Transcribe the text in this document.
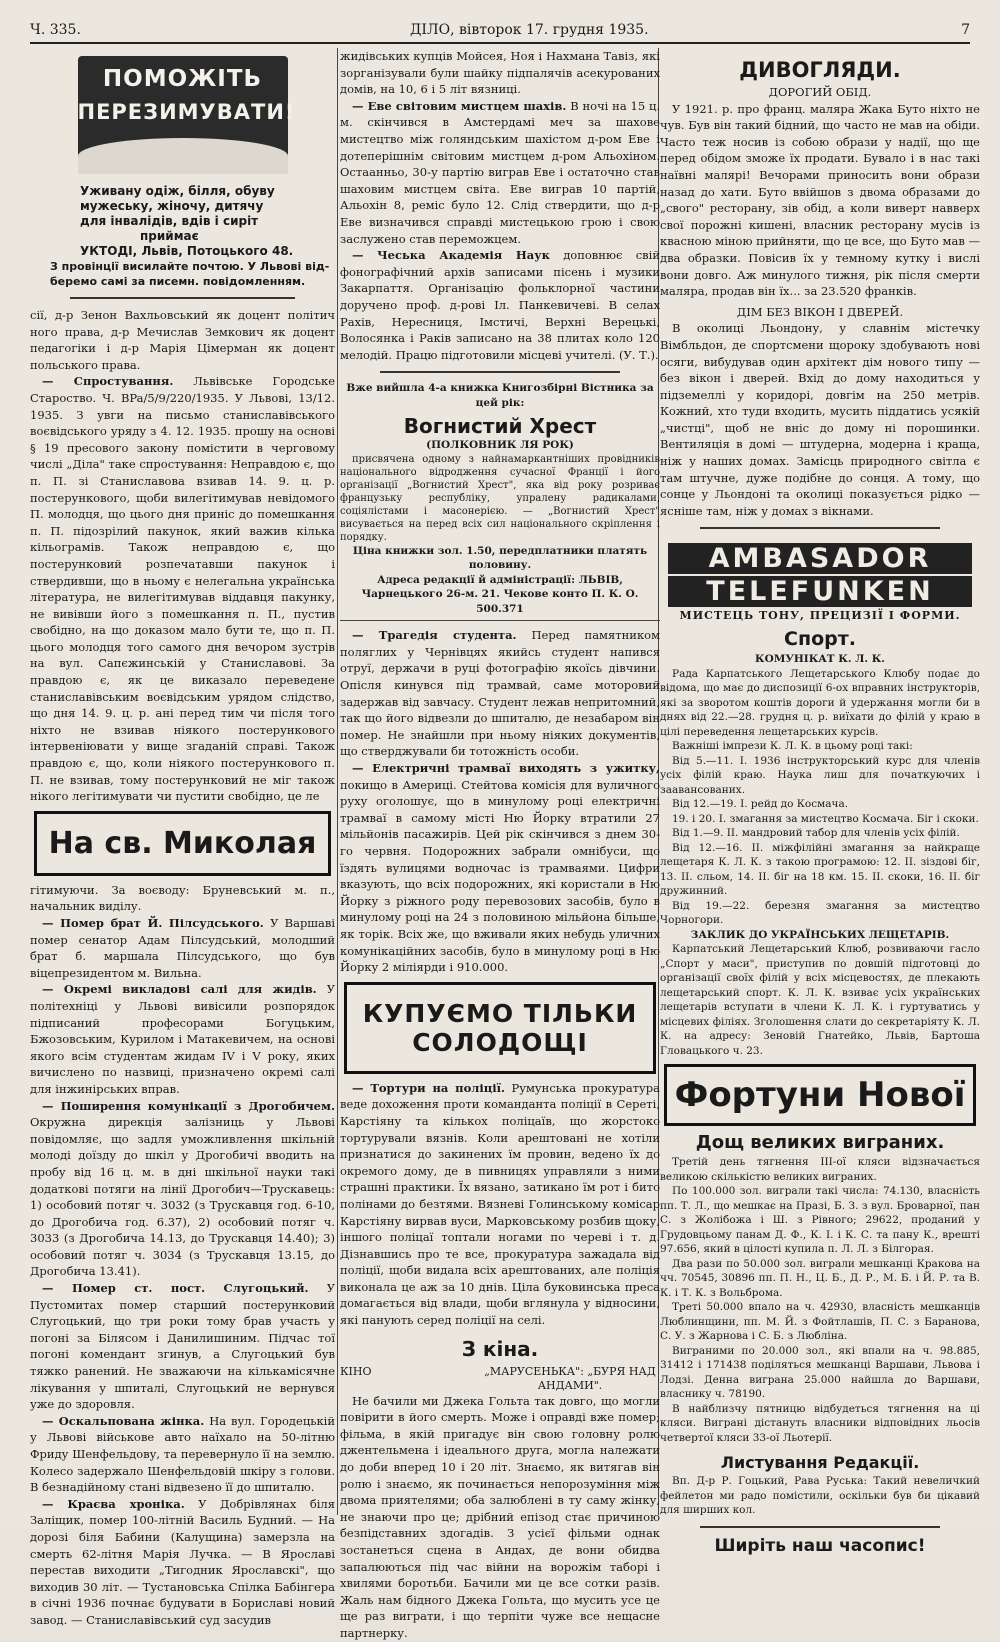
Ч. 335.	ДІЛО, вівторок 17. грудня 1935.	7
ПОМОЖІТЬ
ПЕРЕЗИМУВАТИ!
Уживану одіж, білля, обуву
мужеську, жіночу, дитячу
для інвалідів, вдів і сиріт
приймає
УКТОДІ, Львів, Потоцького 48.
З провінції висилайте почтою. У Львові від-
беремо самі за писемн. повідомленням.

сії, д-р Зенон Вахльовський як доцент політич ного права, д-р Мечислав Земкович як доцент педагогіки і д-р Марія Цімерман як доцент польського права.

— Спростування. Львівське Городське Староство. Ч. BPa/5/9/220/1935. У Львові, 13/12. 1935. З увги на письмо станиславівського воєвідського уряду з 4. 12. 1935. прошу на основі § 19 пресового закону помістити в черговому числі „Діла" таке спростування: Неправдою є, що п. П. зі Станиславова взивав 14. 9. ц. р. постерункового, щоби вилегітимував невідомого П. молодця, що цього дня приніс до помешкання п. П. підозрілий пакунок, який важив кілька кільограмів. Також неправдою є, що постерунковий розпечатавши пакунок і ствердивши, що в ньому є нелегальна українська література, не вилегітимував віддавця пакунку, не вивівши його з помешкання п. П., пустив свобідно, на що доказом мало бути те, що п. П. цього молодця того самого дня вечором зустрів на вул. Сапєжинській у Станиславові. За правдою є, як це виказало переведене станиславівським воєвідським урядом слідство, що дня 14. 9. ц. р. ані перед тим чи після того ніхто не взивав ніякого постерункового інтервеніювати у вище згаданій справі. Також правдою є, що, коли ніякого постерункового п. П. не взивав, тому постерунковий не міг також нікого легітимувати чи пустити свобідно, це ле

На св. Миколая

гітимуючи. За воєводу: Бруневський м. п., начальник виділу.

— Помер брат Й. Пілсудського. У Варшаві помер сенатор Адам Пілсудський, молодший брат б. маршала Пілсудського, що був віцепрезидентом м. Вильна.

— Окремі викладові салі для жидів. У політехніці у Львові вивісили розпорядок підписаний професорами Богуцьким, Бжозовським, Курилом і Матакевичем, на основі якого всім студентам жидам IV і V року, яких вичислено по назвиці, призначено окремі салі для інжинірських вправ.

— Поширення комунікації з Дрогобичем. Окружна дирекція залізниць у Львові повідомляє, що задля уможливлення шкільній молоді доїзду до шкіл у Дрогобичі вводить на пробу від 16 ц. м. в дні шкільної науки такі додаткові потяги на лінії Дрогобич—Трускавець: 1) особовий потяг ч. 3032 (з Трускавця год. 6-10, до Дрогобича год. 6.37), 2) особовий потяг ч. 3033 (з Дрогобича 14.13, до Трускавця 14.40); 3) особовий потяг ч. 3034 (з Трускавця 13.15, до Дрогобича 13.41).

— Помер ст. пост. Слугоцький. У Пустомитах помер старший постерунковий Слугоцький, що три роки тому брав участь у погоні за Білясом і Данилишиним. Підчас тої погоні комендант згинув, а Слугоцький був тяжко ранений. Не зважаючи на кількамісячне лікування у шпиталі, Слугоцький не вернувся уже до здоровля.

— Оскальпована жінка. На вул. Городецькій у Львові військове авто наїхало на 50-літню Фриду Шенфельдову, та перевернуло її на землю. Колесо задержало Шенфельдовій шкіру з голови. В безнадійному стані відвезено її до шпиталю.

— Краєва хроніка. У Добрівлянах біля Заліщик, помер 100-літній Василь Будний. — На дорозі біля Бабини (Калущина) замерзла на смерть 62-літня Марія Лучка. — В Ярославі перестав виходити „Тигодник Ярославскі", що виходив 30 літ. — Тустановська Спілка Бабінгера в січні 1936 почнає будувати в Бориславі новий завод. — Станиславівський суд засудив

жидівських купців Мойсея, Ноя і Нахмана Тавіз, які зорганізували були шайку підпалячів асекурованих домів, на 10, 6 і 5 літ вязниці.

— Еве світовим мистцем шахів. В ночі на 15 ц. м. скінчився в Амстердамі меч за шахове мистецтво між голяндським шахістом д-ром Еве і дотеперішнім світовим мистцем д-ром Альохіном. Остаанньо, 30-у партію виграв Еве і остаточно став шаховим мистцем світа. Еве виграв 10 партій, Альохін 8, реміс було 12. Слід ствердити, що д-р Еве визначився справді мистецькою грою і свою заслужено став переможцем.

— Чеська Академія Наук доповнює свій фонографічний архів записами пісень і музики Закарпаття. Організацію фольклорної частини доручено проф. д-рові Іл. Панкевичеві. В селах Рахів, Нересниця, Імстичі, Верхні Верецькі, Волосянка і Раків записано на 38 плитах коло 120 мелодій. Працю підготовили місцеві учителі. (У. Т.).

Вже вийшла 4-а книжка Книгозбірні Вістника за цей рік:

Вогнистий Хрест

(ПОЛКОВНИК ЛЯ РОК)

присвячена одному з найнамаркантніших провідників національного відродження сучасної Франції і його організації „Вогнистий Хрест", яка від року розриває французьку республіку, упралену радикалами, соціялістами і масонерією. — „Вогнистий Хрест" висувається на перед всіх сил національного скріплення і порядку.

Ціна книжки зол. 1.50, передплатники платять половину.

Адреса редакції й адміністрації: ЛЬВІВ, Чарнецького 26-м. 21. Чекове конто П. К. О. 500.371

— Трагедія студента. Перед памятником поляглих у Чернівцях якийсь студент напився отруї, держачи в руці фотографію якоїсь дівчини. Опісля кинувся під трамвай, саме моторовий задержав від завчасу. Студент лежав непритомний, так що його відвезли до шпиталю, де незабаром він помер. Не знайшли при ньому ніяких документів, що стверджували би тотожність особи.

— Електричні трамваї виходять з ужитку, покищо в Америці. Стейтова комісія для вуличного руху оголошує, що в минулому році електричні трамваї в самому місті Ню Йорку втратили 27 мільйонів пасажирів. Цей рік скінчився з днем 30-го червня. Подорожних забрали омнібуси, що їздять вулицями водночас із трамваями. Цифри вказують, що всіх подорожних, які користали в Ню Йорку з ріжного роду перевозових засобів, було в минулому році на 24 з половиною мільйона більше, як торік. Всіх же, що вживали яких небудь уличних комунікаційних засобів, було в минулому році в Ню Йорку 2 міліярди і 910.000.

КУПУЄМО ТІЛЬКИ СОЛОДОЩІ

— Тортури на поліції. Румунська прокуратура веде дохоження проти команданта поліції в Сереті, Карстіяну та кількох поліцаїв, що жорстоко тортурували вязнів. Коли арештовані не хотіли признатися до закинених їм провин, ведено їх до окремого дому, де в пивницях управляли з ними страшні практики. Їх вязано, затикано їм рот і бито полінами до безтями. Вязневі Голинському комісар Карстіяну вирвав вуси, Марковському розбив щоку, іншого поліцаї топтали ногами по череві і т. д. Дізнавшись про те все, прокуратура зажадала від поліції, щоби видала всіх арештованих, але поліція виконала це аж за 10 днів. Ціла буковинська преса домагається від влади, щоби вглянула у відносини, які панують серед поліції на селі.

З кіна.
КІНО	„МАРУСЕНЬКА": „БУРЯ НАД АНДАМИ".

Не бачили ми Джека Гольта так довго, що могли повірити в його смерть. Може і оправді вже помер; фільма, в якій пригадує він свою головну ролю джентельмена і ідеального друга, могла належати до доби вперед 10 і 20 літ. Знаємо, як витягав він ролю і знаємо, як починається непорозуміння між двома приятелями; оба залюблені в ту саму жінку, не знаючи про це; дрібний епізод стає причиною безпідставних здогадів. З усієї фільми однак зостанеться сцена в Андах, де вони обидва запалюються під час війни на ворожім таборі і хвилями боротьби. Бачили ми це все сотки разів. Жаль нам бідного Джека Гольта, що мусить усе це ще раз виграти, і що терпіти чуже все нещасне партнерку.

ДИВОГЛЯДИ.

ДОРОГИЙ ОБІД.

У 1921. р. про франц. маляра Жака Буто ніхто не чув. Був він такий бідний, що часто не мав на обіди. Часто теж носив із собою образи у надії, що ще перед обідом зможе їх продати. Бувало і в нас такі наївні малярі! Вечорами приносить вони образи назад до хати. Буто ввійшов з двома образами до „свого" ресторану, зів обід, а коли виверт навверх свої порожні кишені, власник ресторану мусів із квасною міною прийняти, що це все, що Буто мав — два образки. Повісив їх у темному кутку і вислі вони довго. Аж минулого тижня, рік після смерти маляра, продав він їх... за 23.520 франків.

ДІМ БЕЗ ВІКОН І ДВЕРЕЙ.

В околиці Льондону, у славнім містечку Вімбльдон, де спортсмени щороку здобувають нові осяги, вибудував один архітект дім нового типу — без вікон і дверей. Вхід до дому находиться у підземеллі у коридорі, довгім на 250 метрів. Кожний, хто туди входить, мусить піддатись усякій „чистці", щоб не вніс до дому ні порошинки. Вентиляція в домі — штудерна, модерна і краща, ніж у наших домах. Замісць природного світла є там штучне, дуже подібне до сонця. А тому, що сонце у Льондоні та околиці показується рідко — ясніше там, ніж у домах з вікнами.

AMBASADOR
TELEFUNKEN
МИСТЕЦЬ ТОНУ, ПРЕЦИЗІЇ І ФОРМИ.
Спорт.

КОМУНІКАТ К. Л. К.

Рада Карпатського Лещетарського Клюбу подає до відома, що має до диспозиції 6-ох вправних інструкторів, які за зворотом коштів дороги й удержання могли би в днях від 22.—28. грудня ц. р. виїхати до філій у краю в цілі переведення лещетарських курсів.

Важніші імпрези К. Л. К. в цьому році такі:

Від 5.—11. І. 1936 інструкторський курс для членів усіх філій краю. Наука лиш для початкуючих і заавансованих.

Від 12.—19. І. рейд до Космача.

19. і 20. І. змагання за мистецтво Космача. Біг і скоки.

Від 1.—9. ІІ. мандровий табор для членів усіх філій.

Від 12.—16. ІІ. міжфілійні змагання за найкраще лещетаря К. Л. К. з такою програмою: 12. ІІ. зіздові біг, 13. ІІ. сльом, 14. ІІ. біг на 18 км. 15. ІІ. скоки, 16. ІІ. біг дружинний.

Від 19.—22. березня змагання за мистецтво Чорногори.

ЗАКЛИК ДО УКРАЇНСЬКИХ ЛЕЩЕТАРІВ.

Карпатський Лещетарський Клюб, розвиваючи гасло „Спорт у маси", приступив по довшій підготовці до організації своїх філій у всіх місцевостях, де плекають лещетарський спорт. К. Л. К. взиває усіх українських лещетарів вступати в члени К. Л. К. і гуртуватись у місцевих філіях. Зголошення слати до секретаріяту К. Л. К. на адресу: Зеновій Гнатейко, Львів, Бартоша Гловацького ч. 23.

Фортуни Нової
Дощ великих виграних.

Третій день тягнення ІІІ-ої кляси відзначається великою скількістю великих виграних.

По 100.000 зол. виграли такі числа: 74.130, власність пп. Т. Л., що мешкає на Празі, Б. З. з вул. Броварної, пан С. з Жолібожа і Ш. з Рівного; 29622, проданий у Грудовцьому панам Д. Ф., К. І. і К. С. та пану К., врешті 97.656, який в цілості купила п. Л. Л. з Білгорая.

Два рази по 50.000 зол. виграли мешканці Кракова на чч. 70545, 30896 пп. П. Н., Ц. Б., Д. Р., М. Б. і Й. Р. та В. К. і Т. К. з Вольброма.

Треті 50.000 впало на ч. 42930, власність мешканців Люблинщини, пп. М. Й. з Фойтлашів, П. С. з Баранова, С. У. з Жарнова і С. Б. з Любліна.

Виграними по 20.000 зол., які впали на ч. 98.885, 31412 і 171438 поділяться мешканці Варшави, Львова і Лодзі. Денна виграна 25.000 найшла до Варшави, власнику ч. 78190.

В найблизчу пятницю відбудеться тягнення на ці кляси. Виграні дістануть власники відповідних льосів четвертої кляси 33-ої Льотерії.

Листування Редакції.

Вп. Д-р Р. Гоцький, Рава Руська: Такий невеличкий фейлетон ми радо помістили, оскільки був би цікавий для ширших кол.

Ширіть наш часопис!
